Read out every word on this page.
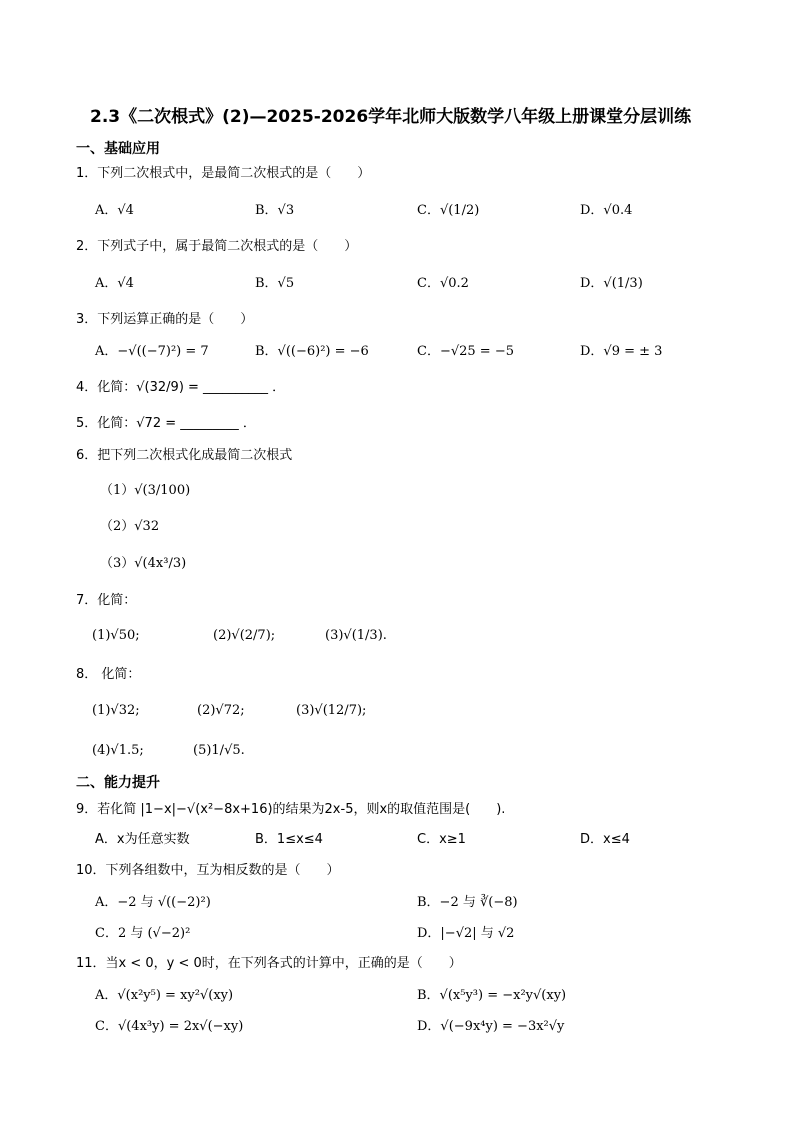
2.3《二次根式》(2)—2025-2026学年北师大版数学八年级上册课堂分层训练
一、基础应用
1．下列二次根式中，是最简二次根式的是（　　）
A．√4	B．√3	C．√(1/2)	D．√0.4
2．下列式子中，属于最简二次根式的是（　　）
A．√4	B．√5	C．√0.2	D．√(1/3)
3．下列运算正确的是（　　）
A．−√((−7)²) = 7	B．√((−6)²) = −6	C．−√25 = −5	D．√9 = ± 3
4．化简：√(32/9) = __________ ．
5．化简：√72 = _________ ．
6．把下列二次根式化成最简二次根式
（1）√(3/100)
（2）√32
（3）√(4x³/3)
7．化简：
(1)√50;	(2)√(2/7);	(3)√(1/3).
8． 化简：
(1)√32;	(2)√72;	(3)√(12/7);
(4)√1.5;	(5)1/√5.
二、能力提升
9．若化简 |1−x|−√(x²−8x+16)的结果为2x-5，则x的取值范围是(　　).
A．x为任意实数	B．1≤x≤4	C．x≥1	D．x≤4
10．下列各组数中，互为相反数的是（　　）
A．−2 与 √((−2)²)	B．−2 与 ∛(−8)
C．2 与 (√−2)²	D．|−√2| 与 √2
11．当x < 0，y < 0时，在下列各式的计算中，正确的是（　　）
A．√(x²y⁵) = xy²√(xy)	B．√(x⁵y³) = −x²y√(xy)
C．√(4x³y) = 2x√(−xy)	D．√(−9x⁴y) = −3x²√y
